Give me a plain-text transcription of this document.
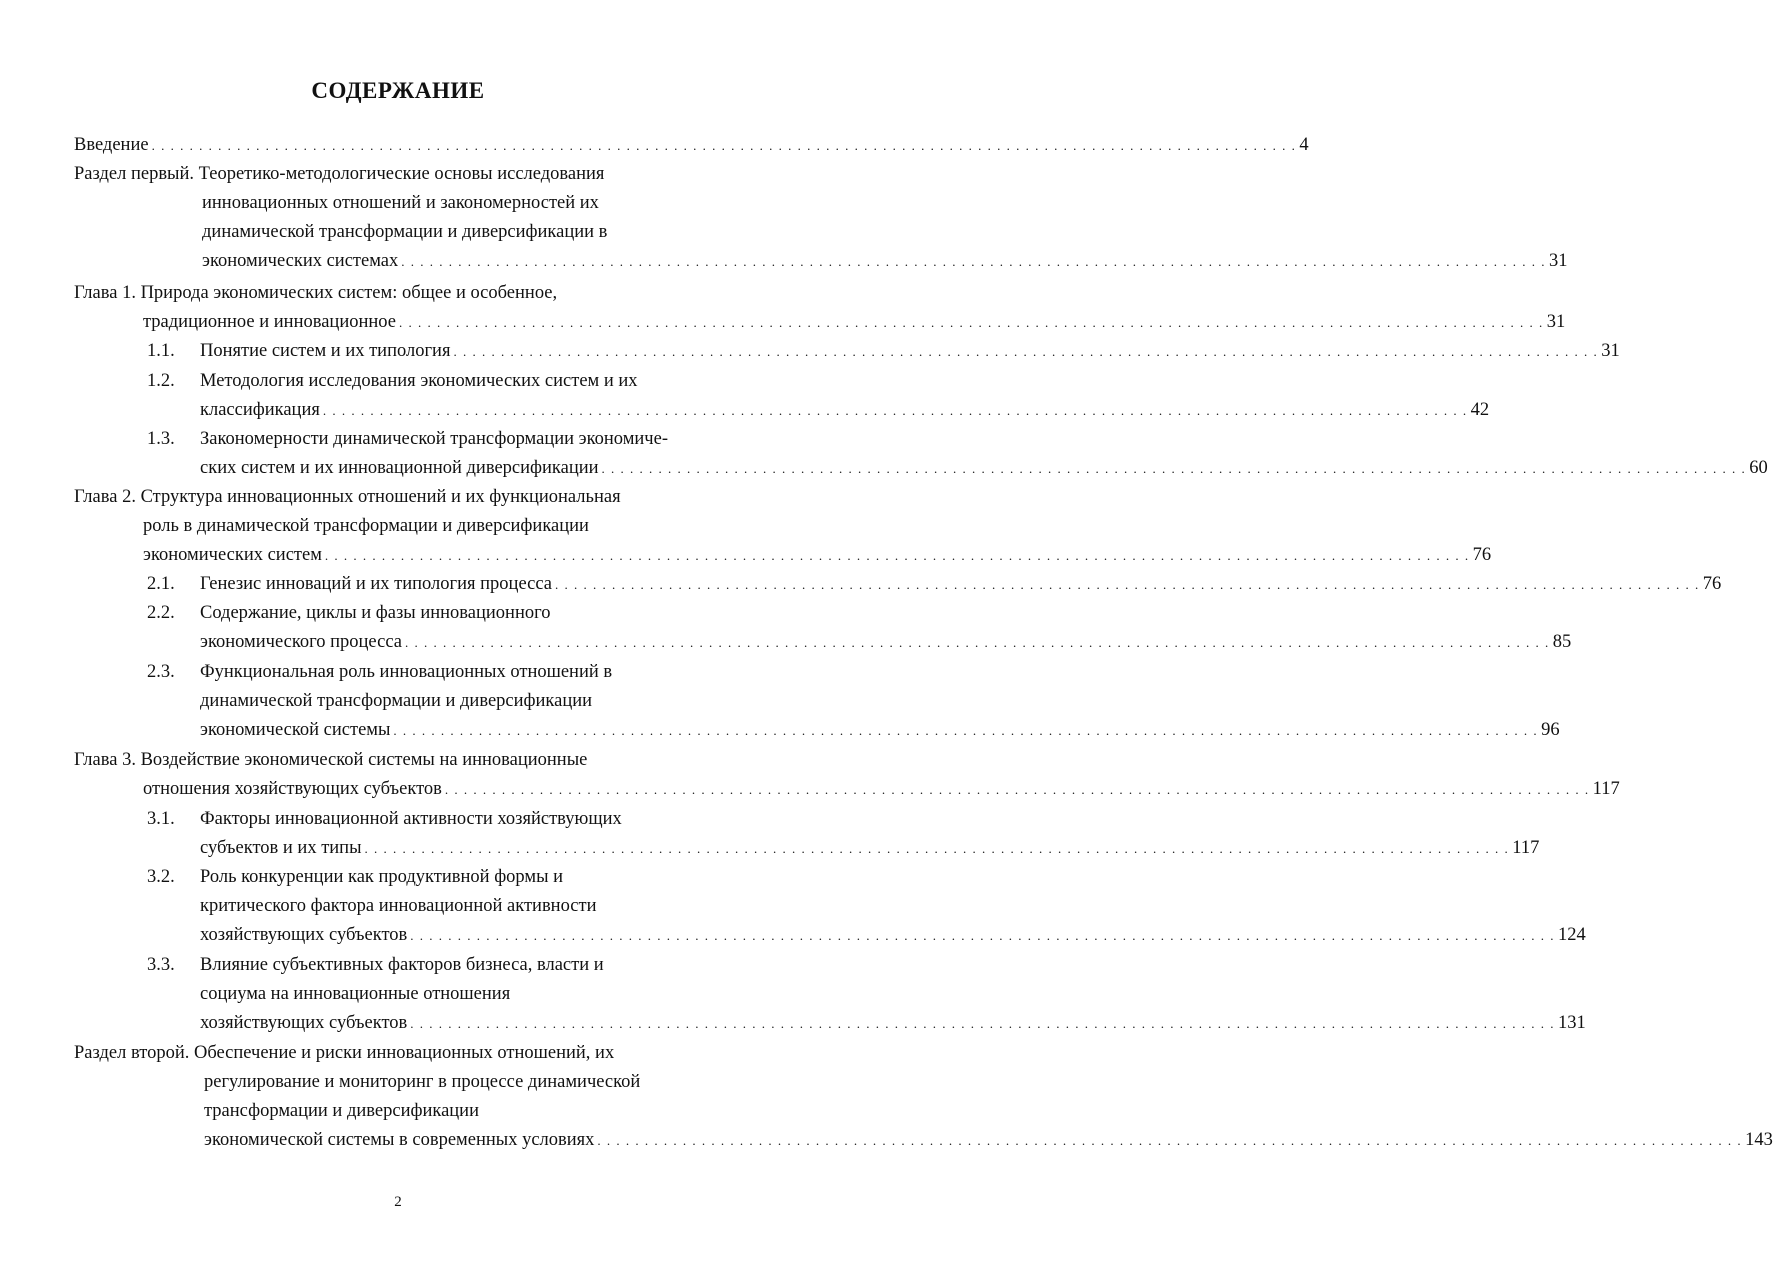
СОДЕРЖАНИЕ
Введение . . . . . . . . . . . . . . . . . . . . . . . . . . . . . . . . . . . . . . . . . . . . . . . . . . . . . . . . . . . . . . . . . . . . . . . . . . . . . . . . . . . . . . . . . . . . . . . . . . . . . . . . . . . . . . . . . . . . . . . . . 4
Раздел первый. Теоретико-методологические основы исследования
инновационных отношений и закономерностей их
динамической трансформации и диверсификации в
экономических системах . . . . . . . . . . . . . . . . . . . . . . . . . . . . . . . . . . . . . . . . . . . . . . . . . . . . . . . . . . . . . . . . . . . . . . . . . . . . . . . . . . . . . . . . . . . . . . . . . . . . . . . . . . . . . . . . . . . . . . . . . 31
Глава 1. Природа экономических систем: общее и особенное,
традиционное и инновационное . . . . . . . . . . . . . . . . . . . . . . . . . . . . . . . . . . . . . . . . . . . . . . . . . . . . . . . . . . . . . . . . . . . . . . . . . . . . . . . . . . . . . . . . . . . . . . . . . . . . . . . . . . . . . . . . . . . . . . . . . 31
1.1. Понятие систем и их типология . . . . . . . . . . . . . . . . . . . . . . . . . . . . . . . . . . . . . . . . . . . . . . . . . . . . . . . . . . . . . . . . . . . . . . . . . . . . . . . . . . . . . . . . . . . . . . . . . . . . . . . . . . . . . . . . . . . . . . . . . 31
1.2. Методология исследования экономических систем и их
классификация . . . . . . . . . . . . . . . . . . . . . . . . . . . . . . . . . . . . . . . . . . . . . . . . . . . . . . . . . . . . . . . . . . . . . . . . . . . . . . . . . . . . . . . . . . . . . . . . . . . . . . . . . . . . . . . . . . . . . . . . . 42
1.3. Закономерности динамической трансформации экономиче-
ских систем и их инновационной диверсификации . . . . . . . . . . . . . . . . . . . . . . . . . . . . . . . . . . . . . . . . . . . . . . . . . . . . . . . . . . . . . . . . . . . . . . . . . . . . . . . . . . . . . . . . . . . . . . . . . . . . . . . . . . . . . . . . . . . . . . . . . 60
Глава 2. Структура инновационных отношений и их функциональная
роль в динамической трансформации и диверсификации
экономических систем . . . . . . . . . . . . . . . . . . . . . . . . . . . . . . . . . . . . . . . . . . . . . . . . . . . . . . . . . . . . . . . . . . . . . . . . . . . . . . . . . . . . . . . . . . . . . . . . . . . . . . . . . . . . . . . . . . . . . . . . . 76
2.1. Генезис инноваций и их типология процесса . . . . . . . . . . . . . . . . . . . . . . . . . . . . . . . . . . . . . . . . . . . . . . . . . . . . . . . . . . . . . . . . . . . . . . . . . . . . . . . . . . . . . . . . . . . . . . . . . . . . . . . . . . . . . . . . . . . . . . . . . 76
2.2. Содержание, циклы и фазы инновационного
экономического процесса . . . . . . . . . . . . . . . . . . . . . . . . . . . . . . . . . . . . . . . . . . . . . . . . . . . . . . . . . . . . . . . . . . . . . . . . . . . . . . . . . . . . . . . . . . . . . . . . . . . . . . . . . . . . . . . . . . . . . . . . . 85
2.3. Функциональная роль инновационных отношений в
динамической трансформации и диверсификации
экономической системы . . . . . . . . . . . . . . . . . . . . . . . . . . . . . . . . . . . . . . . . . . . . . . . . . . . . . . . . . . . . . . . . . . . . . . . . . . . . . . . . . . . . . . . . . . . . . . . . . . . . . . . . . . . . . . . . . . . . . . . . . 96
Глава 3. Воздействие экономической системы на инновационные
отношения хозяйствующих субъектов . . . . . . . . . . . . . . . . . . . . . . . . . . . . . . . . . . . . . . . . . . . . . . . . . . . . . . . . . . . . . . . . . . . . . . . . . . . . . . . . . . . . . . . . . . . . . . . . . . . . . . . . . . . . . . . . . . . . . . . . . 117
3.1. Факторы инновационной активности хозяйствующих
субъектов и их типы . . . . . . . . . . . . . . . . . . . . . . . . . . . . . . . . . . . . . . . . . . . . . . . . . . . . . . . . . . . . . . . . . . . . . . . . . . . . . . . . . . . . . . . . . . . . . . . . . . . . . . . . . . . . . . . . . . . . . . . . . 117
3.2. Роль конкуренции как продуктивной формы и
критического фактора инновационной активности
хозяйствующих субъектов . . . . . . . . . . . . . . . . . . . . . . . . . . . . . . . . . . . . . . . . . . . . . . . . . . . . . . . . . . . . . . . . . . . . . . . . . . . . . . . . . . . . . . . . . . . . . . . . . . . . . . . . . . . . . . . . . . . . . . . . . 124
3.3. Влияние субъективных факторов бизнеса, власти и
социума на инновационные отношения
хозяйствующих субъектов . . . . . . . . . . . . . . . . . . . . . . . . . . . . . . . . . . . . . . . . . . . . . . . . . . . . . . . . . . . . . . . . . . . . . . . . . . . . . . . . . . . . . . . . . . . . . . . . . . . . . . . . . . . . . . . . . . . . . . . . . 131
Раздел второй. Обеспечение и риски инновационных отношений, их
регулирование и мониторинг в процессе динамической
трансформации и диверсификации
экономической системы в современных условиях . . . . . . . . . . . . . . . . . . . . . . . . . . . . . . . . . . . . . . . . . . . . . . . . . . . . . . . . . . . . . . . . . . . . . . . . . . . . . . . . . . . . . . . . . . . . . . . . . . . . . . . . . . . . . . . . . . . . . . . . . 143
2
